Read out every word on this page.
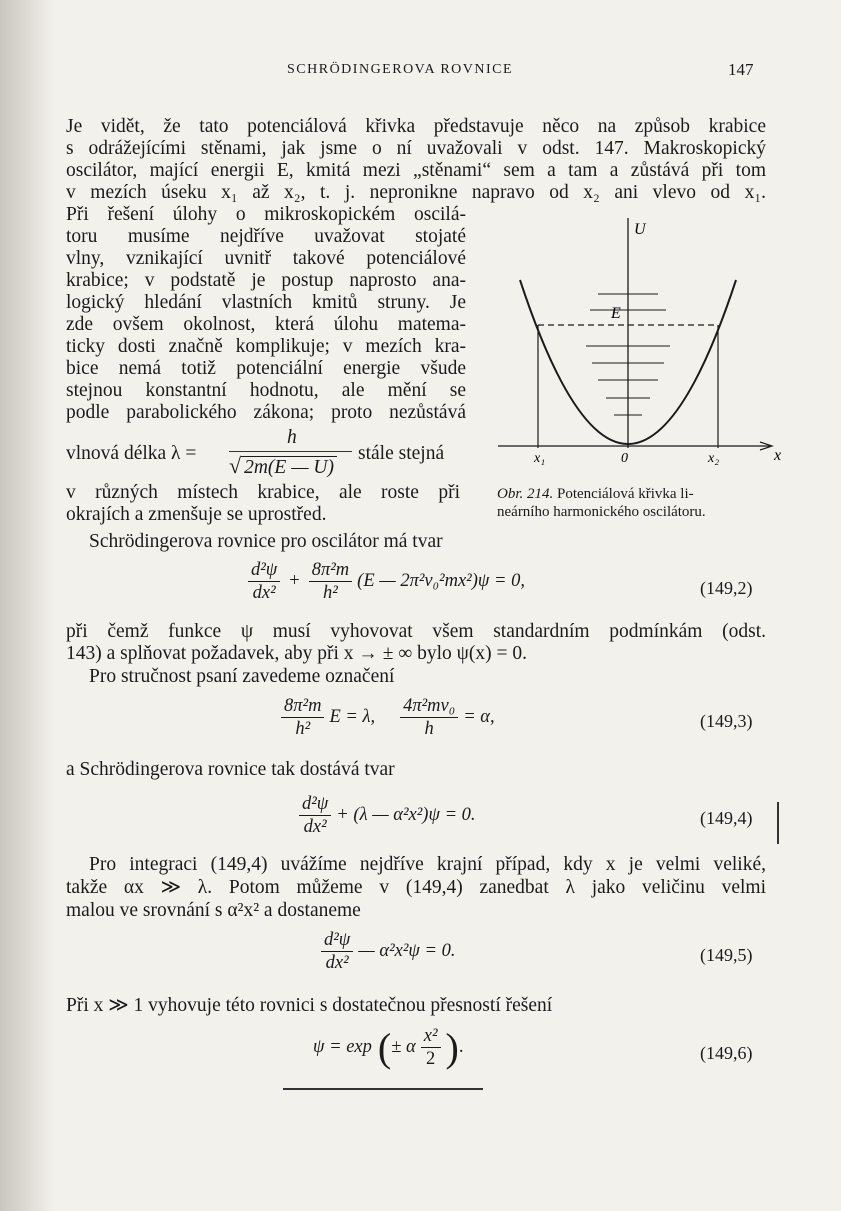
SCHRÖDINGEROVA ROVNICE	147
Je vidět, že tato potenciálová křivka představuje něco na způsob krabice
s odrážejícími stěnami, jak jsme o ní uvažovali v odst. 147. Makroskopický
oscilátor, mající energii E, kmitá mezi „stěnami“ sem a tam a zůstává při tom
v mezích úseku x₁ až x₂, t. j. nepronikne napravo od x₂ ani vlevo od x₁.
Při řešení úlohy o mikroskopickém oscilá-
toru musíme nejdříve uvažovat stojaté
vlny, vznikající uvnitř takové potenciálové
krabice; v podstatě je postup naprosto ana-
logický hledání vlastních kmitů struny. Je
zde ovšem okolnost, která úlohu matema-
ticky dosti značně komplikuje; v mezích kra-
bice nemá totiž potenciální energie všude
stejnou konstantní hodnotu, ale mění se
podle parabolického zákona; proto nezůstává
vlnová délka λ =
h
√ 2m(E — U)
stále stejná
v různých místech krabice, ale roste při
okrajích a zmenšuje se uprostřed.
U
E
x₁	0	x₂	x
Obr. 214. Potenciálová křivka li-
neárního harmonického oscilátoru.
Schrödingerova rovnice pro oscilátor má tvar
$\frac{\text{d²ψ}}{\text{dx²}} + \frac{\text{8π²m}}{\text{h²}} (E$ — 2π²ν₀²mx²)ψ = 0,	(149,2)
při čemž funkce ψ musí vyhovovat všem standardním podmínkám (odst.
143) a splňovat požadavek, aby při x → ± ∞ bylo ψ(x) = 0.
Pro stručnost psaní zavedeme označení
$\frac{\text{8π²m}}{\text{h²}}$ E = λ, $\frac{\text{4π²mν₀}}{h} = \alpha$,	(149,3)
a Schrödingerova rovnice tak dostává tvar
$\frac{\text{d²ψ}}{\text{dx²}} + (\lambda$ — α²x²)ψ = 0.	(149,4)
Pro integraci (149,4) uvážíme nejdříve krajní případ, kdy x je velmi veliké,
takže αx ≫ λ. Potom můžeme v (149,4) zanedbat λ jako veličinu velmi
malou ve srovnání s α²x² a dostaneme
$\frac{\text{d²ψ}}{\text{dx²}}$ — α²x²ψ = 0.	(149,5)
Při x ≫ 1 vyhovuje této rovnici s dostatečnou přesností řešení
ψ = exp ( ± α $\frac{\text{x²}}{2}$ ) .	(149,6)
